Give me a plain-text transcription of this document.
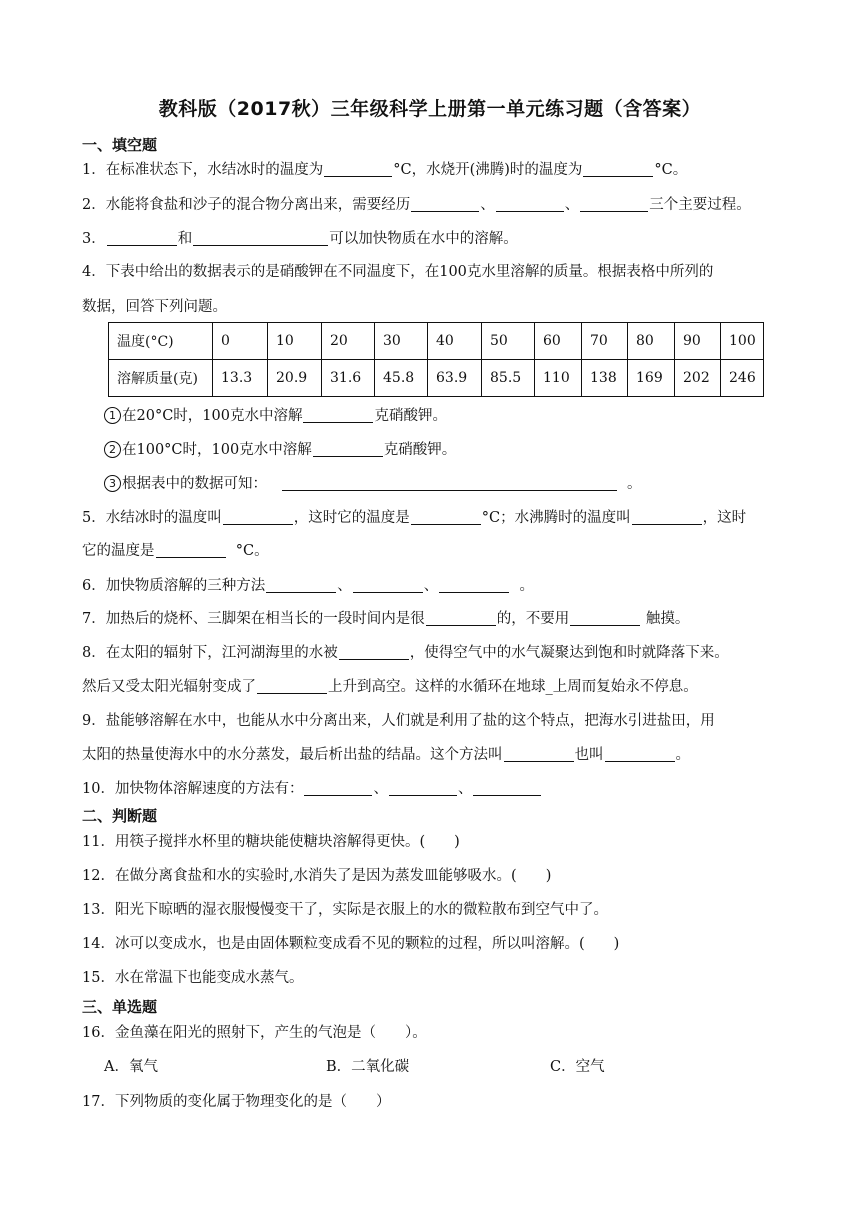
教科版（2017秋）三年级科学上册第一单元练习题（含答案）
一、填空题
1．在标准状态下，水结冰时的温度为	°C，水烧开(沸腾)时的温度为	°C。
2．水能将食盐和沙子的混合物分离出来，需要经历	、	、	三个主要过程。
3．	和	可以加快物质在水中的溶解。
4．下表中给出的数据表示的是硝酸钾在不同温度下，在100克水里溶解的质量。根据表格中所列的
数据，回答下列问题。
温度(°C)	0	10	20	30	40	50	60	70	80	90	100
溶解质量(克)	13.3	20.9	31.6	45.8	63.9	85.5	110	138	169	202	246
1 在20°C时，100克水中溶解	克硝酸钾。
2 在100°C时，100克水中溶解	克硝酸钾。
3 根据表中的数据可知：	。
5．水结冰时的温度叫	，这时它的温度是	°C；水沸腾时的温度叫	，这时
它的温度是	°C。
6．加快物质溶解的三种方法	、	、	。
7．加热后的烧杯、三脚架在相当长的一段时间内是很	的，不要用	触摸。
8．在太阳的辐射下，江河湖海里的水被	，使得空气中的水气凝聚达到饱和时就降落下来。
然后又受太阳光辐射变成了	上升到高空。这样的水循环在地球_上周而复始永不停息。
9．盐能够溶解在水中，也能从水中分离出来，人们就是利用了盐的这个特点，把海水引进盐田，用
太阳的热量使海水中的水分蒸发，最后析出盐的结晶。这个方法叫	也叫	。
10．加快物体溶解速度的方法有：	、	、
二、判断题
11．用筷子搅拌水杯里的糖块能使糖块溶解得更快。(　　)
12．在做分离食盐和水的实验时,水消失了是因为蒸发皿能够吸水。(　　)
13．阳光下晾晒的湿衣服慢慢变干了，实际是衣服上的水的微粒散布到空气中了。
14．冰可以变成水，也是由固体颗粒变成看不见的颗粒的过程，所以叫溶解。(　　)
15．水在常温下也能变成水蒸气。
三、单选题
16．金鱼藻在阳光的照射下，产生的气泡是（　　）。
A．氧气	B．二氧化碳	C．空气
17．下列物质的变化属于物理变化的是（　　）
